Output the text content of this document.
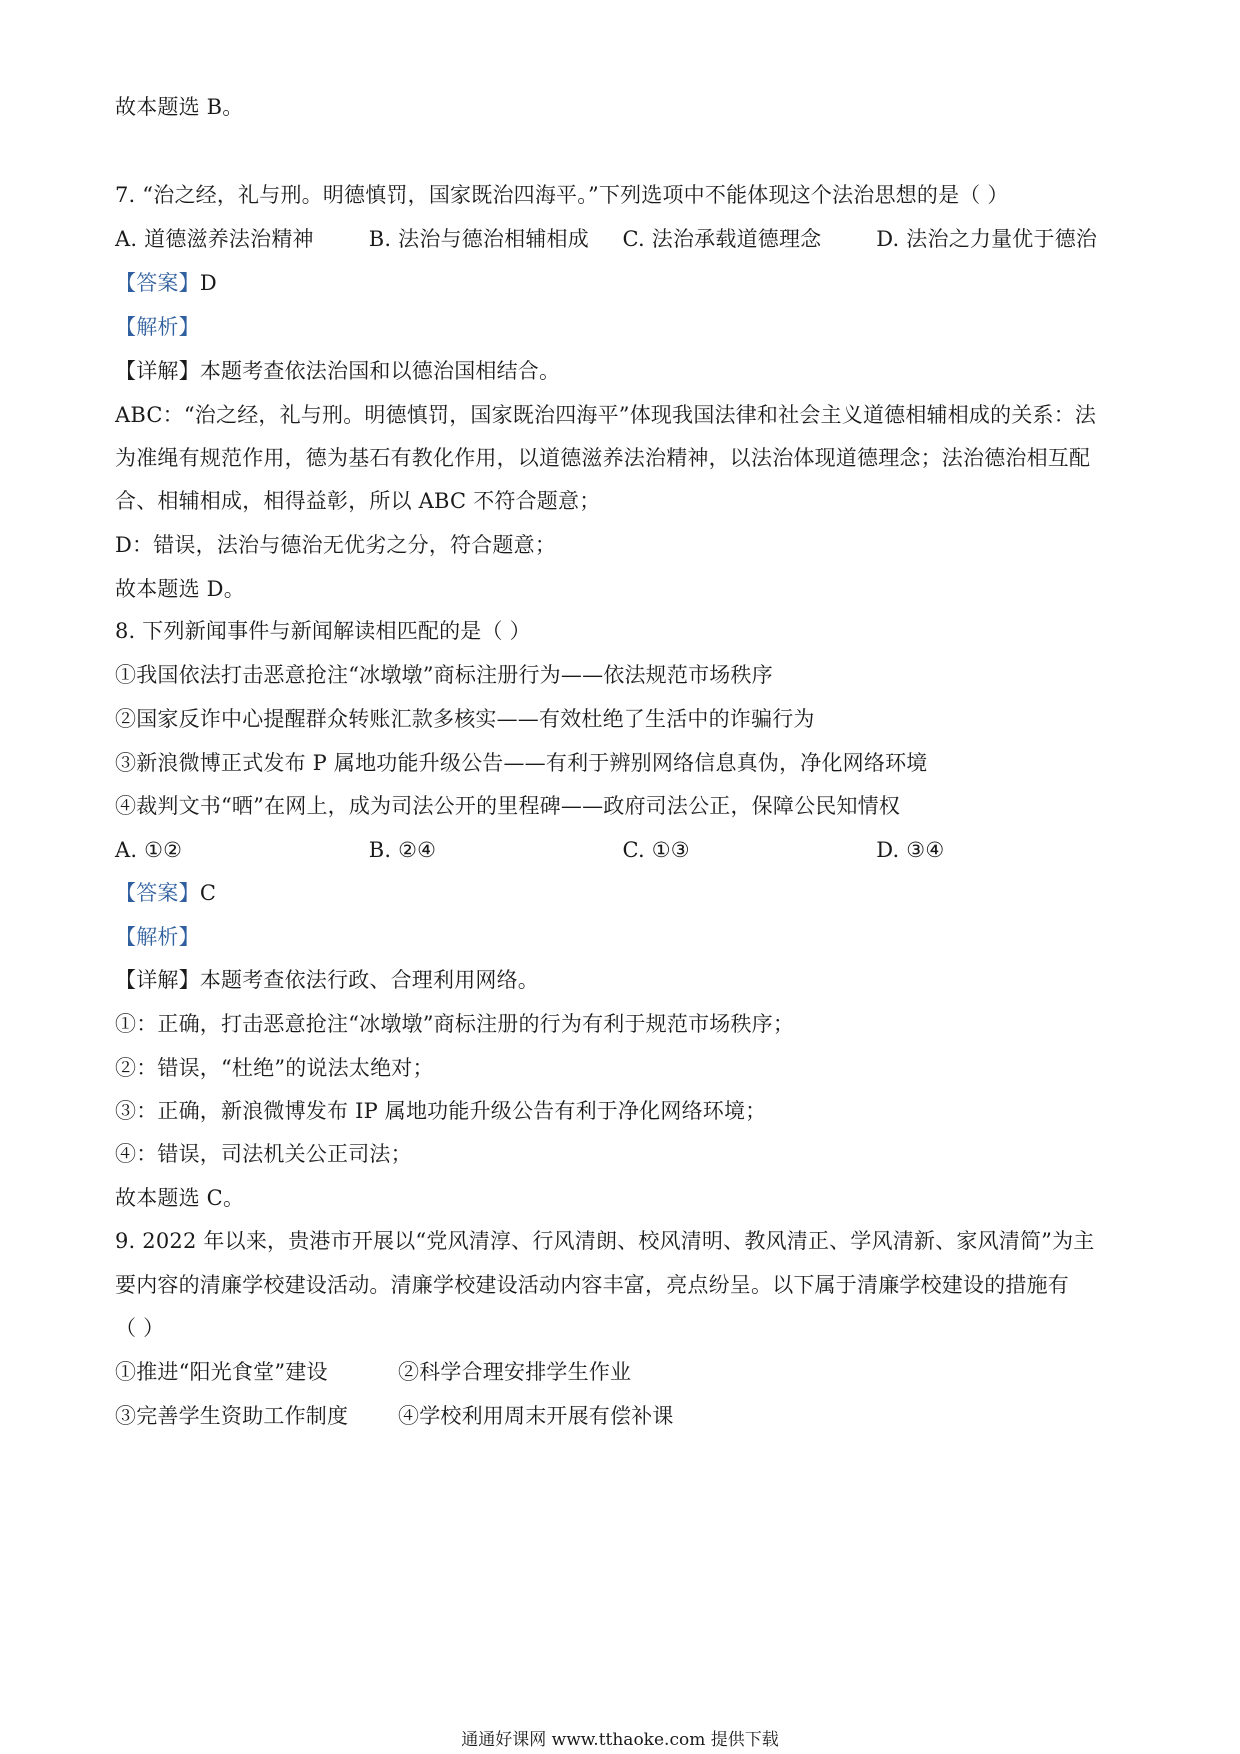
故本题选 B。
7. “治之经，礼与刑。明德慎罚，国家既治四海平。”下列选项中不能体现这个法治思想的是（ ）
A. 道德滋养法治精神	B. 法治与德治相辅相成	C. 法治承载道德理念	D. 法治之力量优于德治
【答案】D
【解析】
【详解】本题考查依法治国和以德治国相结合。
ABC：“治之经，礼与刑。明德慎罚，国家既治四海平”体现我国法律和社会主义道德相辅相成的关系：法
为准绳有规范作用，德为基石有教化作用，以道德滋养法治精神，以法治体现道德理念；法治德治相互配
合、相辅相成，相得益彰，所以 ABC 不符合题意；
D：错误，法治与德治无优劣之分，符合题意；
故本题选 D。
8. 下列新闻事件与新闻解读相匹配的是（ ）
①我国依法打击恶意抢注“冰墩墩”商标注册行为——依法规范市场秩序
②国家反诈中心提醒群众转账汇款多核实——有效杜绝了生活中的诈骗行为
③新浪微博正式发布 P 属地功能升级公告——有利于辨别网络信息真伪，净化网络环境
④裁判文书“晒”在网上，成为司法公开的里程碑——政府司法公正，保障公民知情权
A. ①②	B. ②④	C. ①③	D. ③④
【答案】C
【解析】
【详解】本题考查依法行政、合理利用网络。
①：正确，打击恶意抢注“冰墩墩”商标注册的行为有利于规范市场秩序；
②：错误，“杜绝”的说法太绝对；
③：正确，新浪微博发布 IP 属地功能升级公告有利于净化网络环境；
④：错误，司法机关公正司法；
故本题选 C。
9. 2022 年以来，贵港市开展以“党风清淳、行风清朗、校风清明、教风清正、学风清新、家风清简”为主
要内容的清廉学校建设活动。清廉学校建设活动内容丰富，亮点纷呈。以下属于清廉学校建设的措施有
（ ）
①推进“阳光食堂”建设	②科学合理安排学生作业
③完善学生资助工作制度	④学校利用周末开展有偿补课
通通好课网 www.tthaoke.com 提供下载
